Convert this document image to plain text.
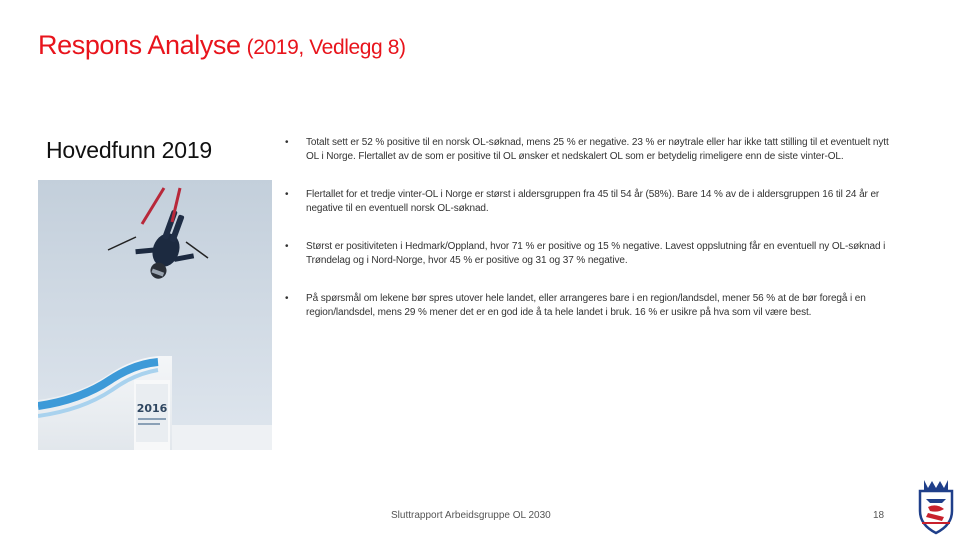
Respons Analyse (2019, Vedlegg 8)
Hovedfunn 2019
2016
• Totalt sett er 52 % positive til en norsk OL-søknad, mens 25 % er negative. 23 % er nøytrale eller har ikke tatt stilling til et eventuelt nytt OL i Norge. Flertallet av de som er positive til OL ønsker et nedskalert OL som er betydelig rimeligere enn de siste vinter-OL.
• Flertallet for et tredje vinter-OL i Norge er størst i aldersgruppen fra 45 til 54 år (58%). Bare 14 % av de i aldersgruppen 16 til 24 år er negative til en eventuell norsk OL-søknad.
• Størst er positiviteten i Hedmark/Oppland, hvor 71 % er positive og 15 % negative. Lavest oppslutning får en eventuell ny OL-søknad i Trøndelag og i Nord-Norge, hvor 45 % er positive og 31 og 37 % negative.
• På spørsmål om lekene bør spres utover hele landet, eller arrangeres bare i en region/landsdel, mener 56 % at de bør foregå i en region/landsdel, mens 29 % mener det er en god ide å ta hele landet i bruk. 16 % er usikre på hva som vil være best.
Sluttrapport Arbeidsgruppe OL 2030	18
